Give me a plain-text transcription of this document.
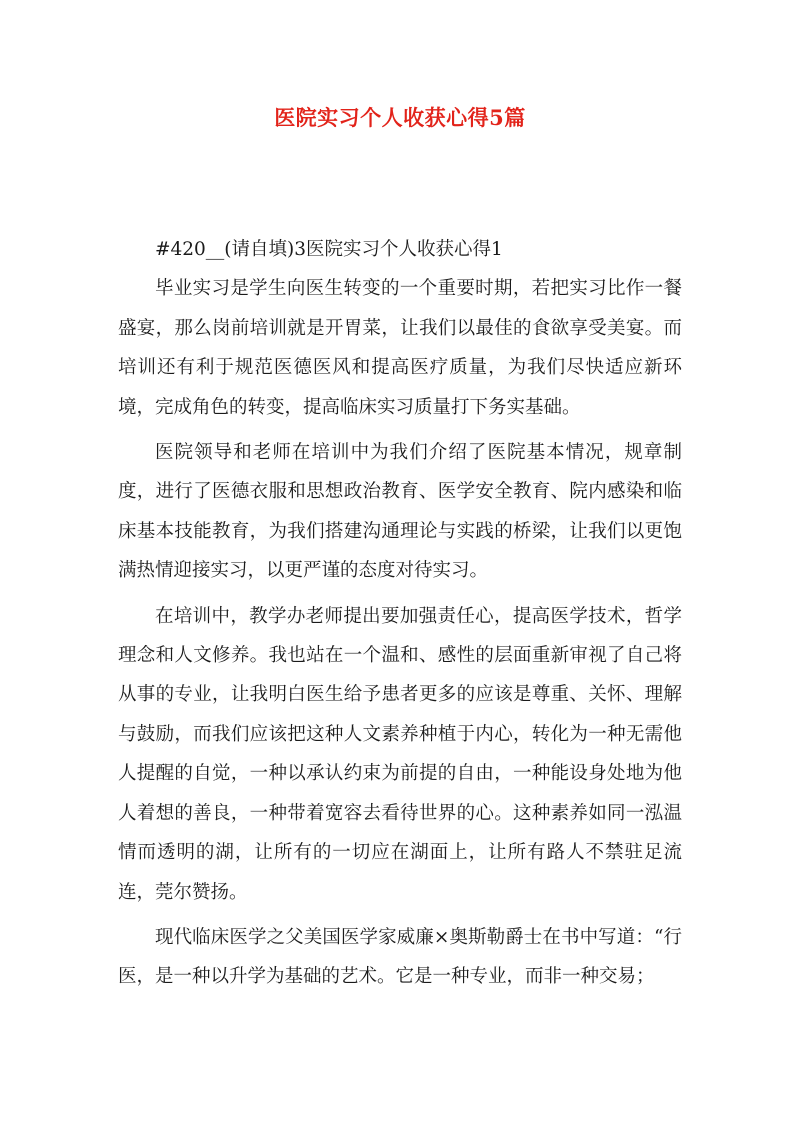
医院实习个人收获心得5篇

#420__(请自填)3医院实习个人收获心得1

毕业实习是学生向医生转变的一个重要时期，若把实习比作一餐盛宴，那么岗前培训就是开胃菜，让我们以最佳的食欲享受美宴。而培训还有利于规范医德医风和提高医疗质量，为我们尽快适应新环境，完成角色的转变，提高临床实习质量打下务实基础。

医院领导和老师在培训中为我们介绍了医院基本情况，规章制度，进行了医德衣服和思想政治教育、医学安全教育、院内感染和临床基本技能教育，为我们搭建沟通理论与实践的桥梁，让我们以更饱满热情迎接实习，以更严谨的态度对待实习。

在培训中，教学办老师提出要加强责任心，提高医学技术，哲学理念和人文修养。我也站在一个温和、感性的层面重新审视了自己将从事的专业，让我明白医生给予患者更多的应该是尊重、关怀、理解与鼓励，而我们应该把这种人文素养种植于内心，转化为一种无需他人提醒的自觉，一种以承认约束为前提的自由，一种能设身处地为他人着想的善良，一种带着宽容去看待世界的心。这种素养如同一泓温情而透明的湖，让所有的一切应在湖面上，让所有路人不禁驻足流连，莞尔赞扬。

现代临床医学之父美国医学家威廉×奥斯勒爵士在书中写道：“行医，是一种以升学为基础的艺术。它是一种专业，而非一种交易；
